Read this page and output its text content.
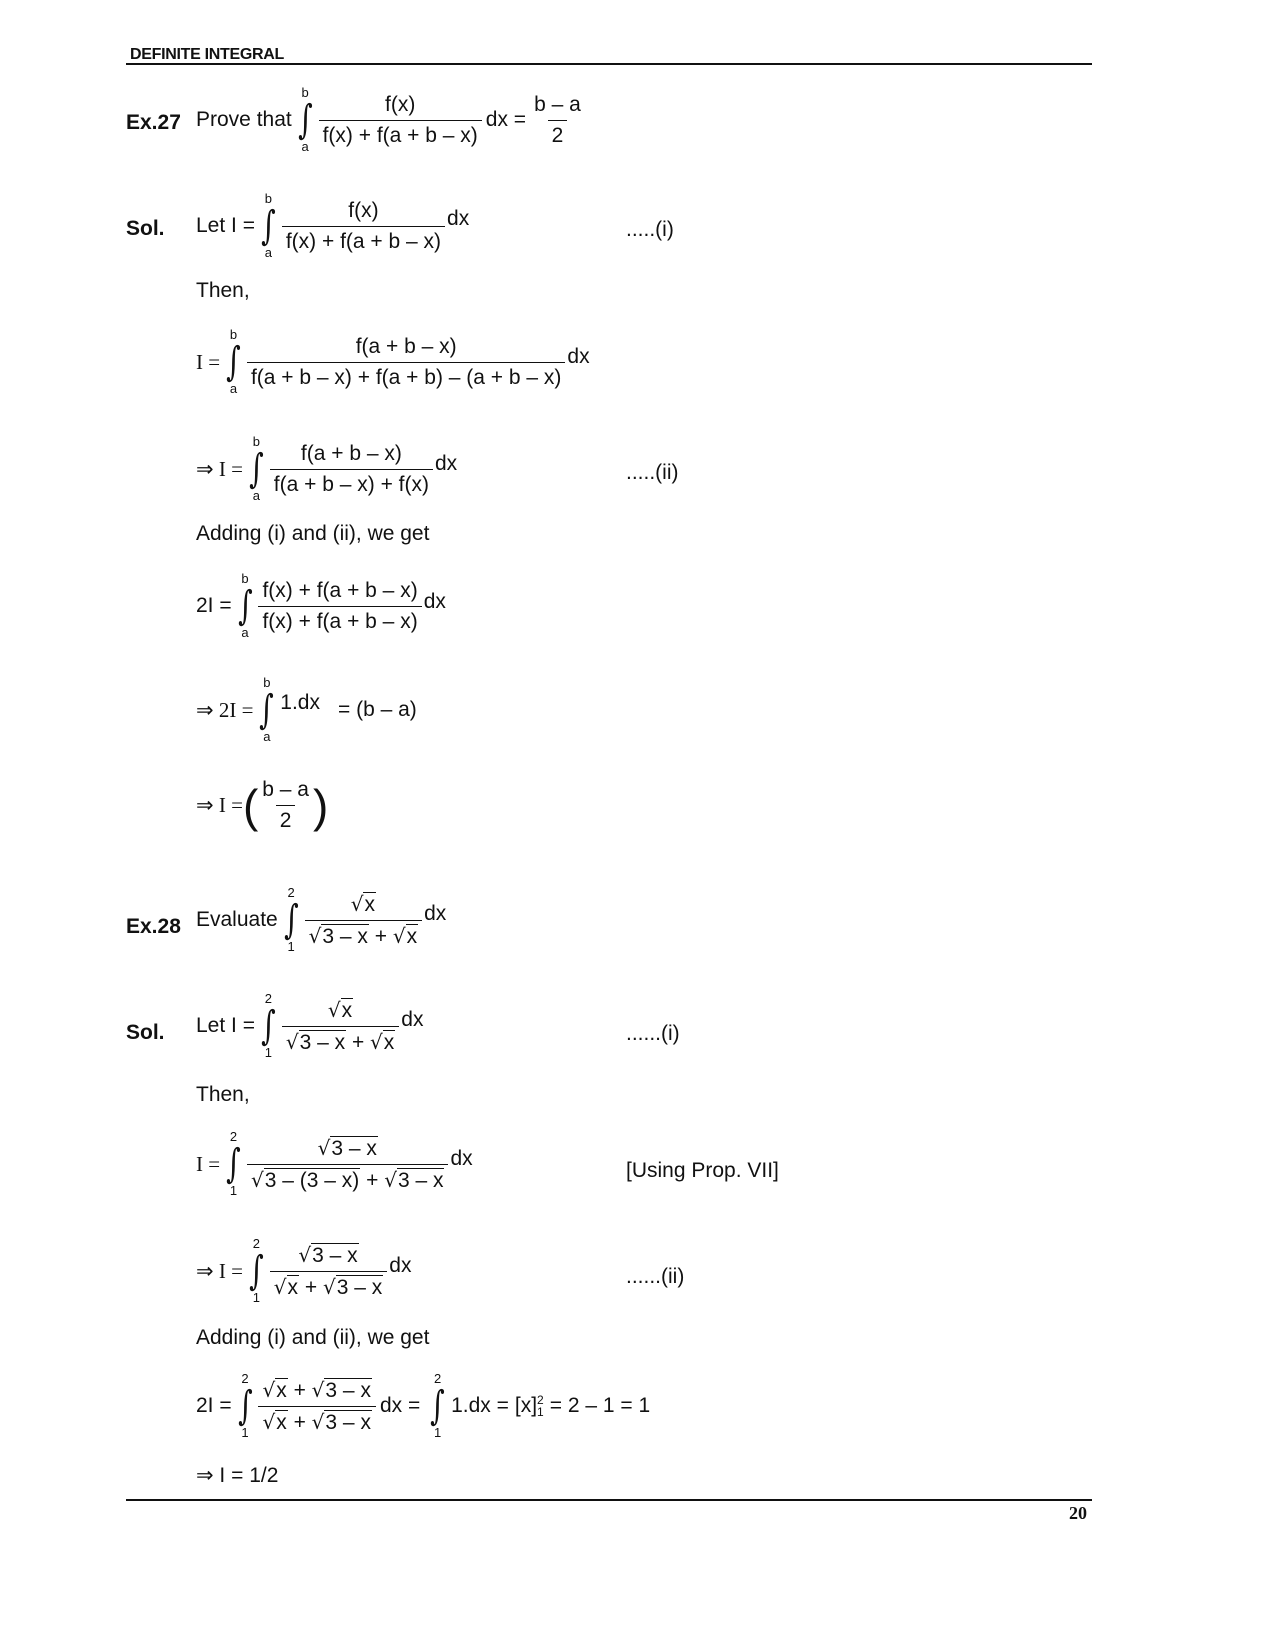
DEFINITE INTEGRAL
Ex.27 Prove that
b
∫
a $\frac{f(x)}{f(x) + f(a + b - x)}$ dx = $\frac{b - a}{2}$
Sol. Let I =
b
∫
a $\frac{f(x)}{f(x) + f(a + b - x)}$ dx	.....(i)
Then,
I =
b
∫
a $\frac{f(a + b - x)}{f(a + b - x) + f(a + b) - (a + b - x)}$ dx
⇒ I =
b
∫
a $\frac{f(a + b - x)}{f(a + b - x) + f(x)}$ dx	.....(ii)
Adding (i) and (ii), we get
2I =
b
∫
a $\frac{f(x) + f(a + b - x)}{f(x) + f(a + b - x)}$ dx
⇒ 2I =
b
∫
a
1.dx = (b – a)
⇒ I = ( $\frac{b - a}{2}$ )
Ex.28 Evaluate
2
∫
$1 \frac{√ x}{√ 3 - x + √ x}$ dx
Sol. Let I =
2
∫
$1 \frac{√ x}{√ 3 - x + √ x}$ dx
......(i)
Then,
I =
2
∫
$1 \frac{√ 3 - x}{√ 3 - (3 - x) + √ 3 - x}$ dx
[Using Prop. VII]
⇒ I =
2
∫
$1 \frac{√ 3 - x}{√ x + √ 3 - x}$ dx	......(ii)
Adding (i) and (ii), we get
2I =
2
∫
$1 \frac{√ x + √ 3 - x}{√ x + √ 3 - x}$ dx =
2
∫
1
1.dx = [x] 2
1 = 2 – 1 = 1
⇒ I = 1/2
20
